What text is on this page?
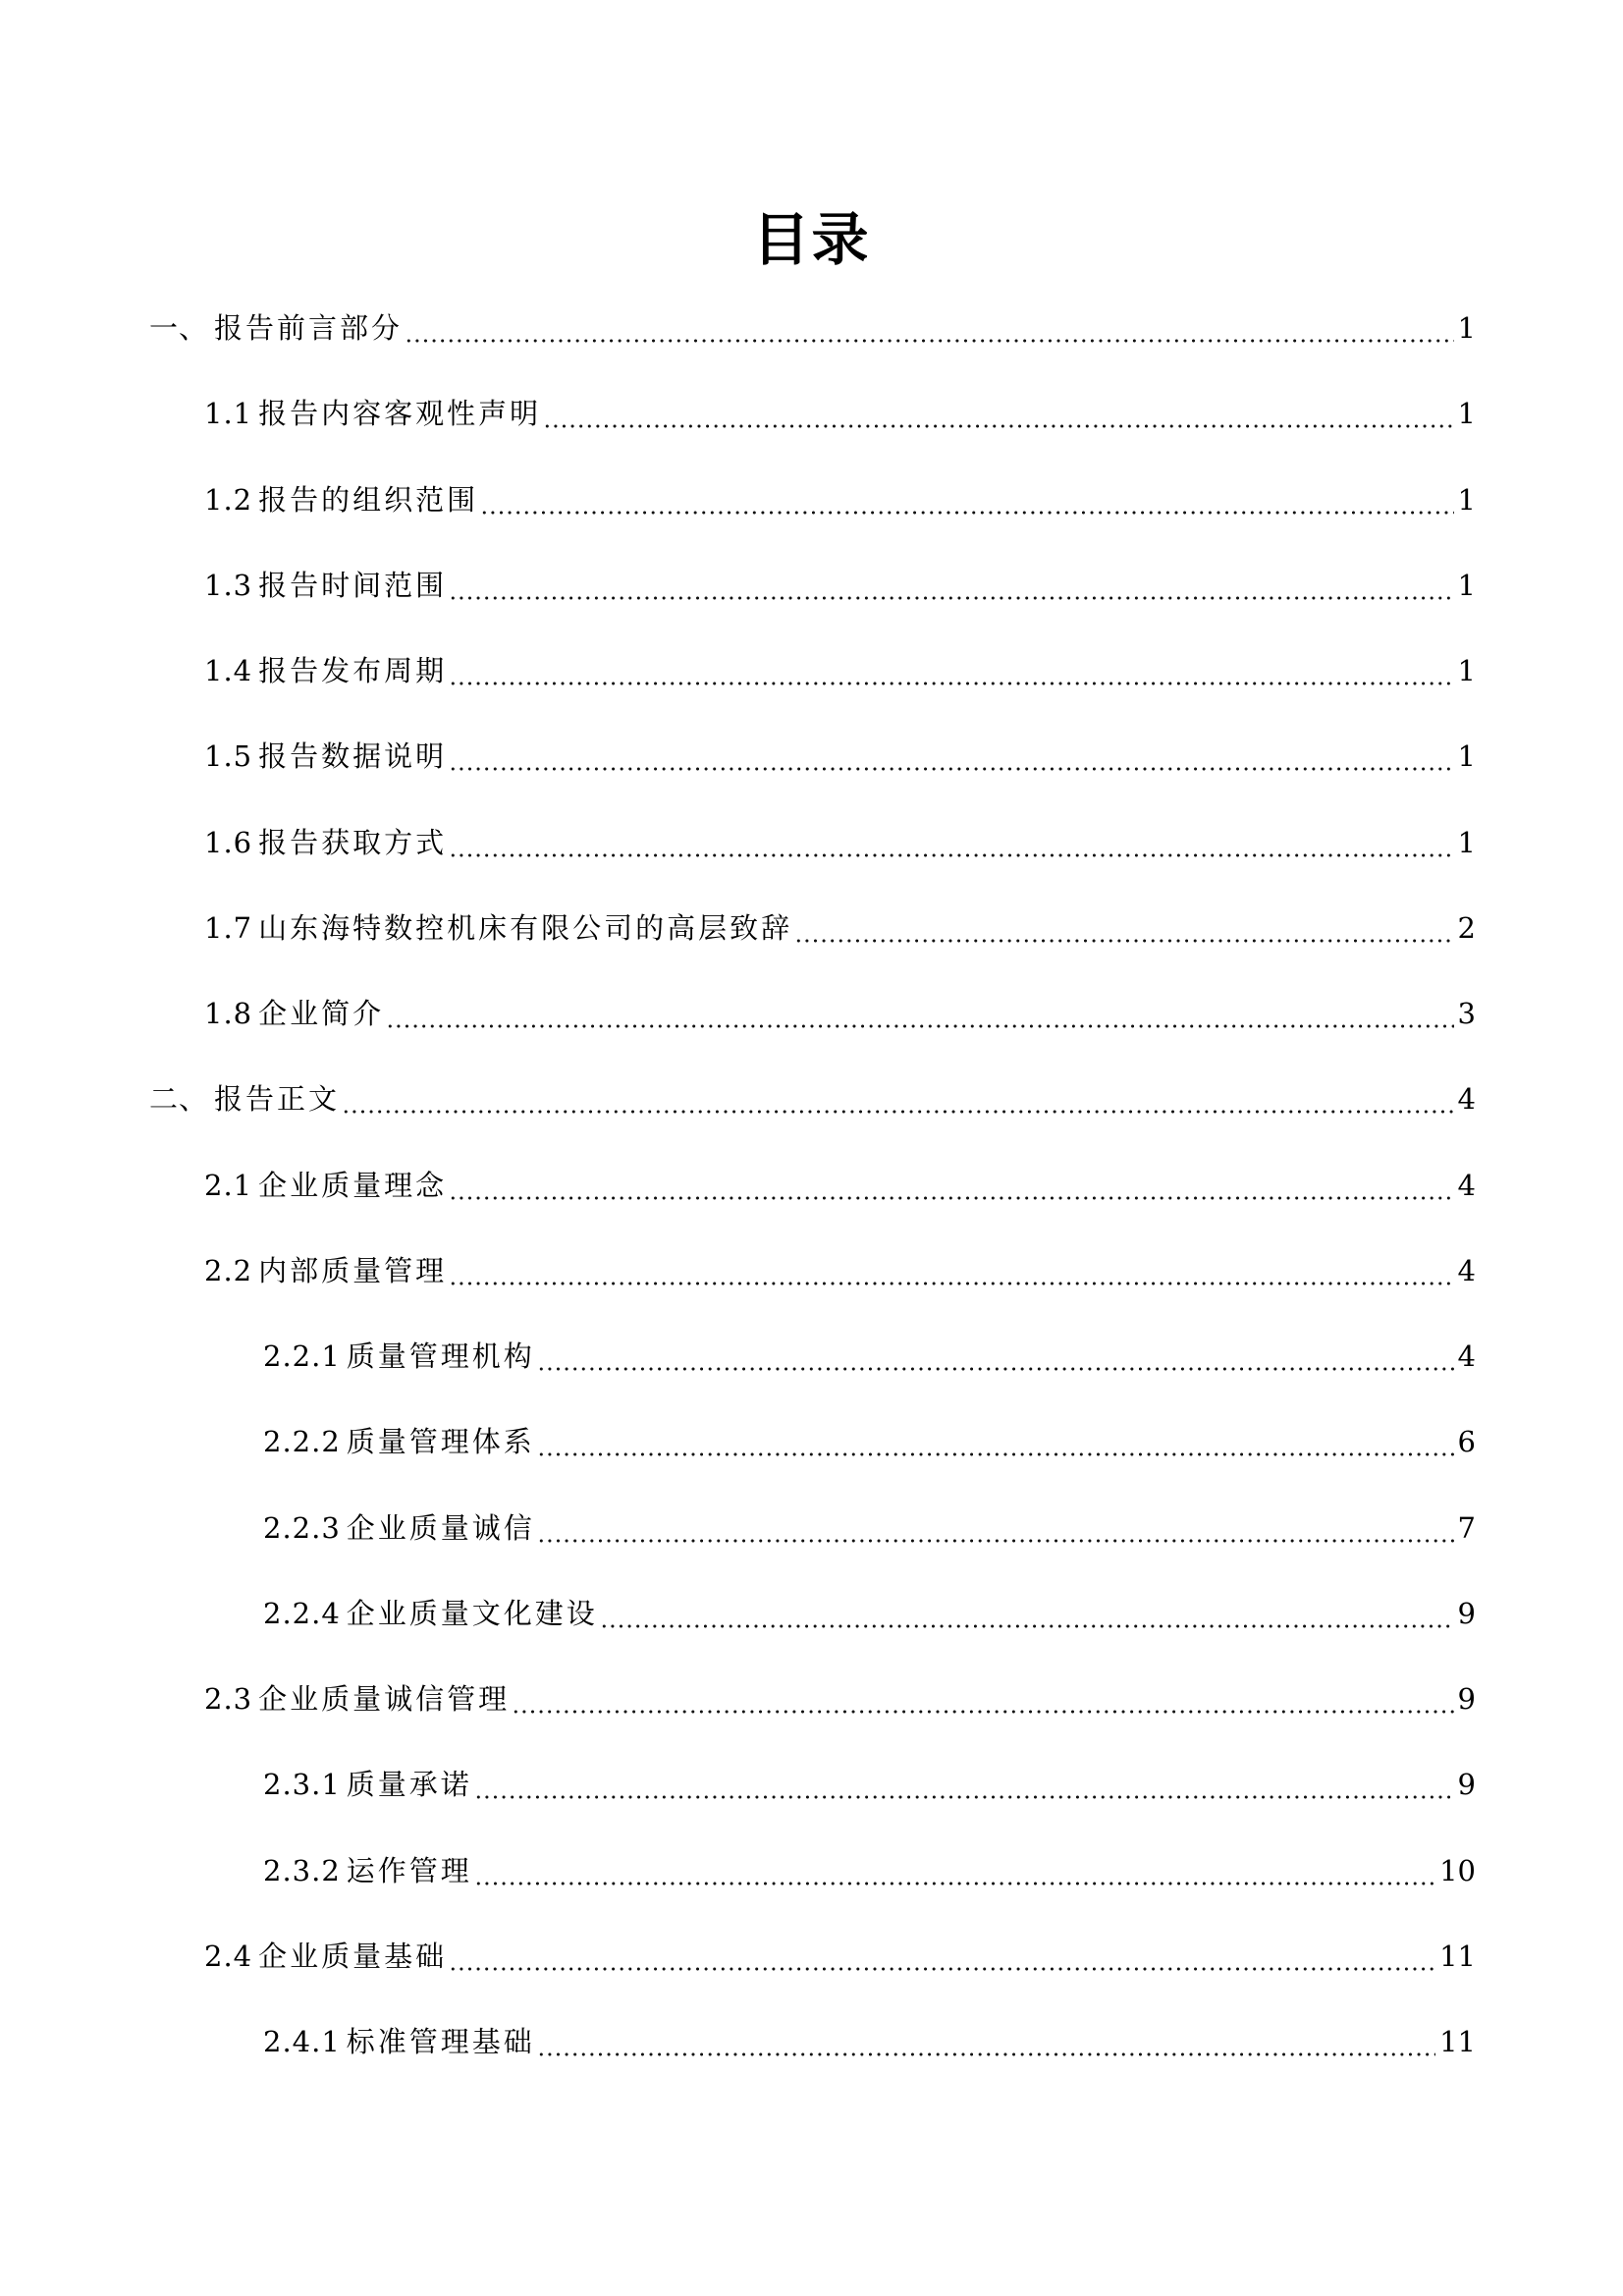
目录
一、 报告前言部分	1
1.1 报告内容客观性声明	1
1.2 报告的组织范围	1
1.3 报告时间范围	1
1.4 报告发布周期	1
1.5 报告数据说明	1
1.6 报告获取方式	1
1.7 山东海特数控机床有限公司的高层致辞	2
1.8 企业简介	3
二、 报告正文	4
2.1 企业质量理念	4
2.2 内部质量管理	4
2.2.1 质量管理机构	4
2.2.2 质量管理体系	6
2.2.3 企业质量诚信	7
2.2.4 企业质量文化建设	9
2.3 企业质量诚信管理	9
2.3.1 质量承诺	9
2.3.2 运作管理	10
2.4 企业质量基础	11
2.4.1 标准管理基础	11
